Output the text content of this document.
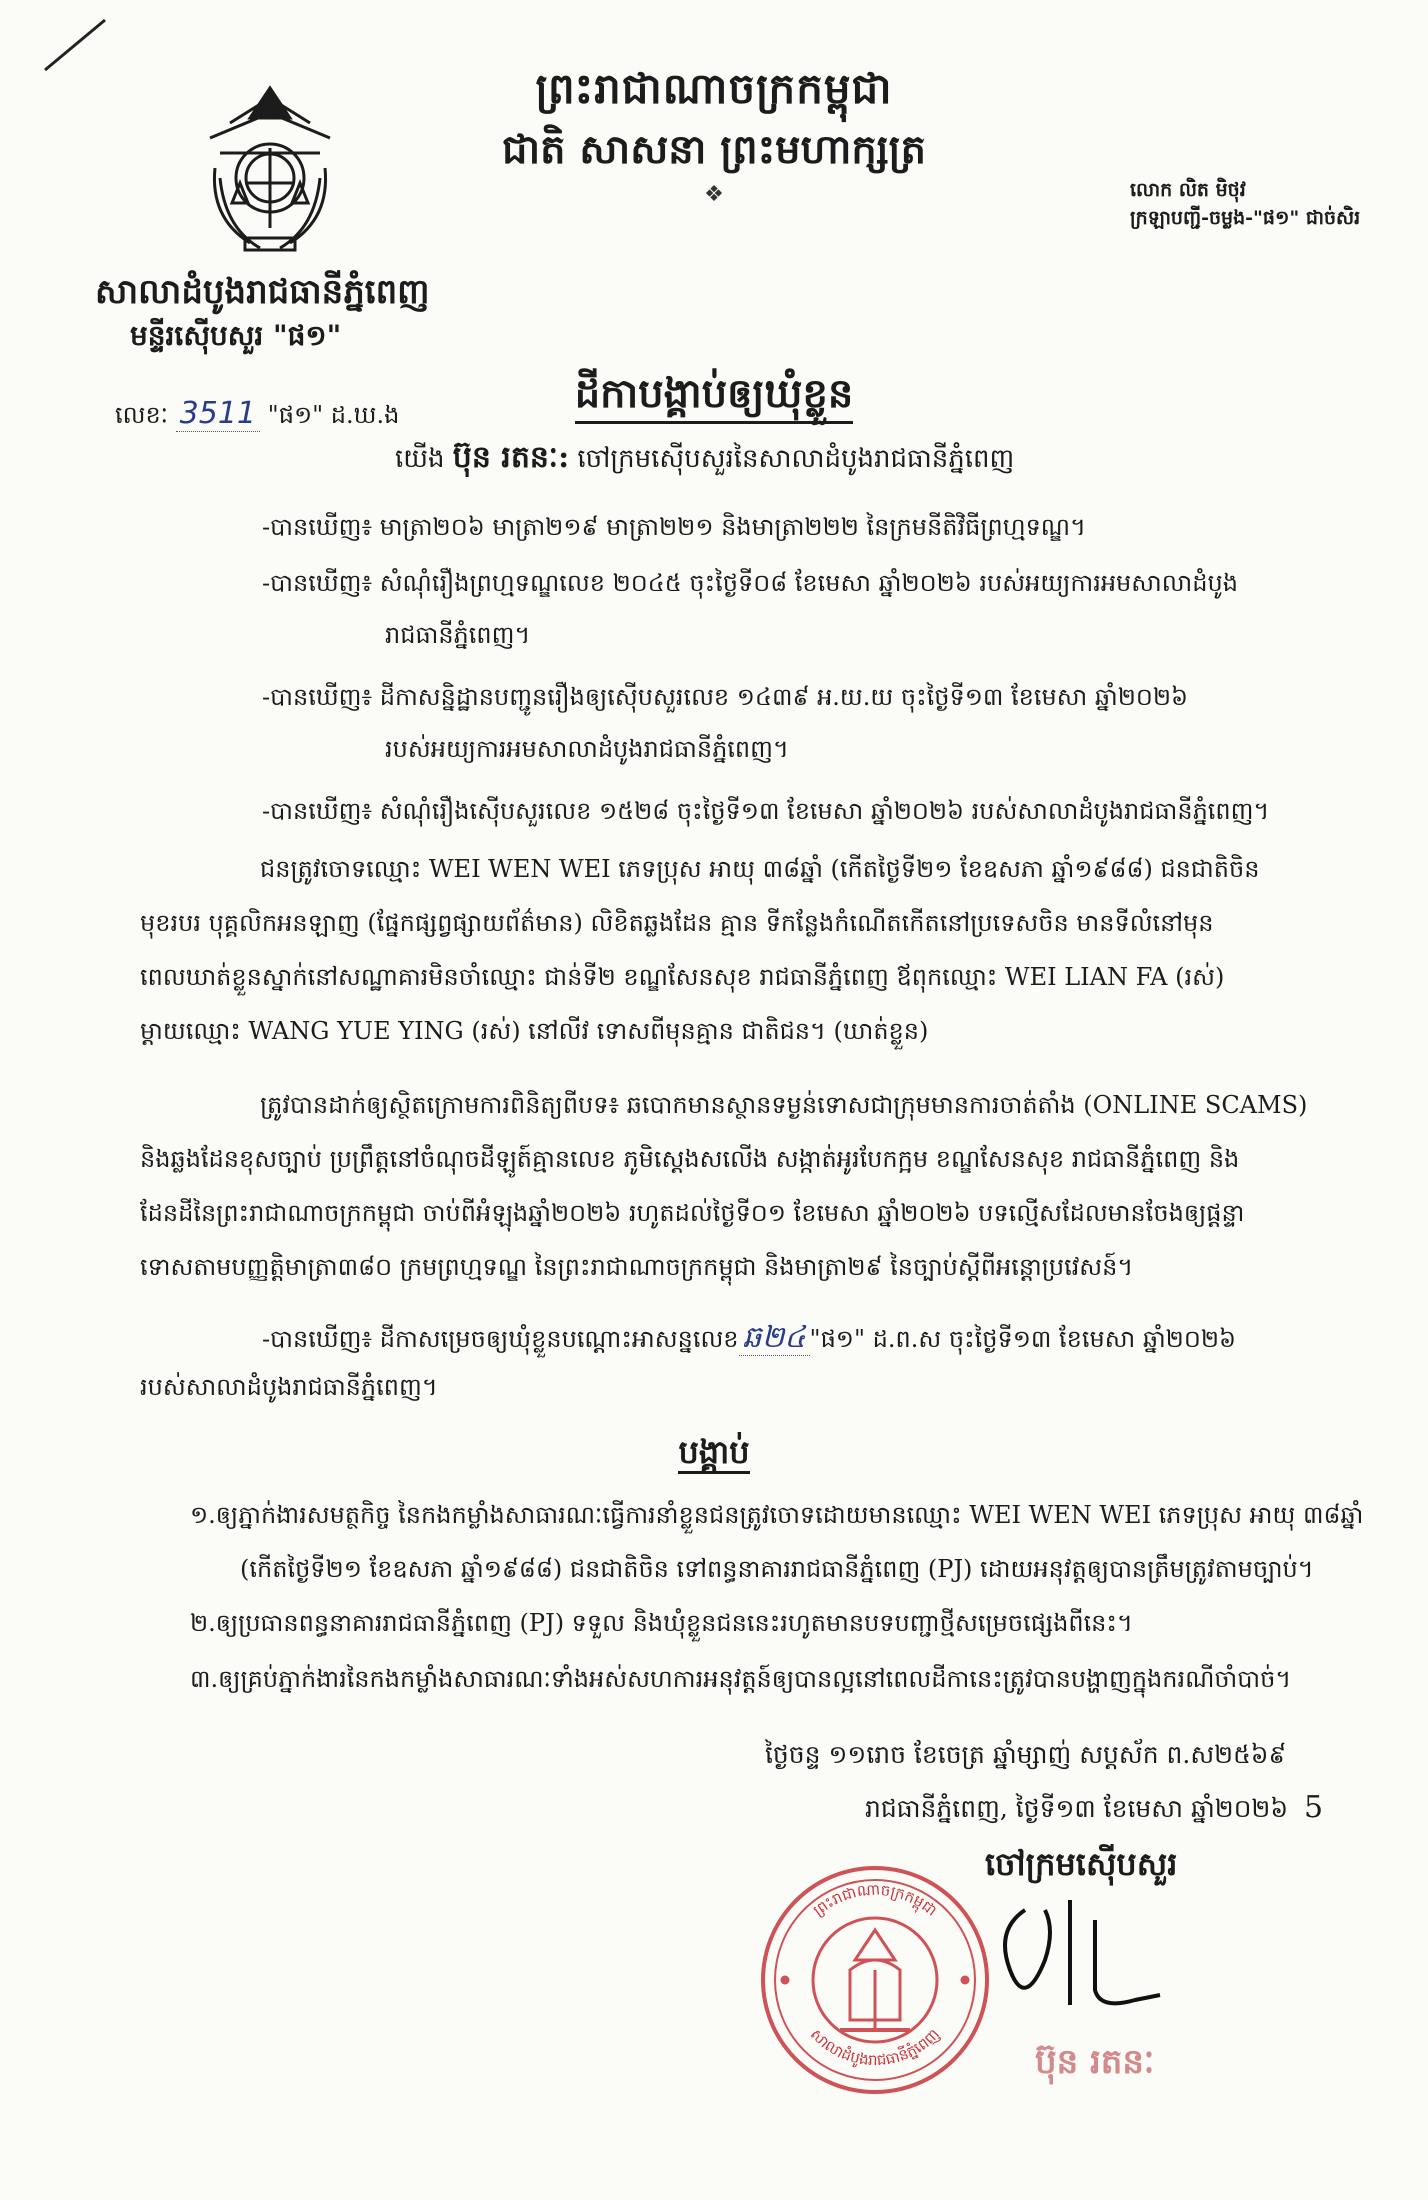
ព្រះរាជាណាចក្រកម្ពុជា
ជាតិ សាសនា ព្រះមហាក្សត្រ
❖	លោក លិត មិថុវ
ក្រឡាបញ្ជី-ចម្លង-"ផ១" ជាច់សិរ
សាលាដំបូងរាជធានីភ្នំពេញ
មន្ទីរស៊ើបសួរ "ផ១"
ដីកាបង្គាប់ឲ្យឃុំខ្លួន
លេខៈ 3511 "ផ១" ដ.ឃ.ង
យើង ប៊ុន រតនៈ: ចៅក្រមស៊ើបសួរនៃសាលាដំបូងរាជធានីភ្នំពេញ
-បានឃើញ៖ មាត្រា២០៦ មាត្រា២១៩ មាត្រា២២១ និងមាត្រា២២២ នៃក្រមនីតិវិធីព្រហ្មទណ្ឌ។
-បានឃើញ៖ សំណុំរឿងព្រហ្មទណ្ឌលេខ ២០៤៥ ចុះថ្ងៃទី០៨ ខែមេសា ឆ្នាំ២០២៦ របស់អយ្យការអមសាលាដំបូង
រាជធានីភ្នំពេញ។
-បានឃើញ៖ ដីកាសន្និដ្ឋានបញ្ជូនរឿងឲ្យស៊ើបសួរលេខ ១៤៣៩ អ.យ.យ ចុះថ្ងៃទី១៣ ខែមេសា ឆ្នាំ២០២៦
របស់អយ្យការអមសាលាដំបូងរាជធានីភ្នំពេញ។
-បានឃើញ៖ សំណុំរឿងស៊ើបសួរលេខ ១៥២៨ ចុះថ្ងៃទី១៣ ខែមេសា ឆ្នាំ២០២៦ របស់សាលាដំបូងរាជធានីភ្នំពេញ។
ជនត្រូវចោទឈ្មោះ WEI WEN WEI ភេទប្រុស អាយុ ៣៨ឆ្នាំ (កើតថ្ងៃទី២១ ខែឧសភា ឆ្នាំ១៩៨៨) ជនជាតិចិន
មុខរបរ បុគ្គលិកអនឡាញ (ផ្នែកផ្សព្វផ្សាយព័ត៌មាន) លិខិតឆ្លងដែន គ្មាន ទីកន្លែងកំណើតកើតនៅប្រទេសចិន មានទីលំនៅមុន
ពេលឃាត់ខ្លួនស្នាក់នៅសណ្ឋាគារមិនចាំឈ្មោះ ជាន់ទី២ ខណ្ឌសែនសុខ រាជធានីភ្នំពេញ ឪពុកឈ្មោះ WEI LIAN FA (រស់)
ម្ដាយឈ្មោះ WANG YUE YING (រស់) នៅលីវ ទោសពីមុនគ្មាន ជាតិជន។ (ឃាត់ខ្លួន)
ត្រូវបានដាក់ឲ្យស្ថិតក្រោមការពិនិត្យពីបទ៖ ឆបោកមានស្ថានទម្ងន់ទោសជាក្រុមមានការចាត់តាំង (ONLINE SCAMS)
និងឆ្លងដែនខុសច្បាប់ ប្រព្រឹត្តនៅចំណុចដីឡូត៍គ្មានលេខ ភូមិស្តេងសលើង សង្កាត់អូរបែកក្អម ខណ្ឌសែនសុខ រាជធានីភ្នំពេញ និង
ដែនដីនៃព្រះរាជាណាចក្រកម្ពុជា ចាប់ពីអំឡុងឆ្នាំ២០២៦ រហូតដល់ថ្ងៃទី០១ ខែមេសា ឆ្នាំ២០២៦ បទល្មើសដែលមានចែងឲ្យផ្តន្ទា
ទោសតាមបញ្ញត្តិមាត្រា៣៨០ ក្រមព្រហ្មទណ្ឌ នៃព្រះរាជាណាចក្រកម្ពុជា និងមាត្រា២៩ នៃច្បាប់ស្តីពីអន្តោប្រវេសន៍។
-បានឃើញ៖ ដីកាសម្រេចឲ្យឃុំខ្លួនបណ្តោះអាសន្នលេខ ឆ២៤ "ផ១" ដ.ព.ស ចុះថ្ងៃទី១៣ ខែមេសា ឆ្នាំ២០២៦
របស់សាលាដំបូងរាជធានីភ្នំពេញ។
បង្គាប់
១.ឲ្យភ្នាក់ងារសមត្ថកិច្ច នៃកងកម្លាំងសាធារណៈធ្វើការនាំខ្លួនជនត្រូវចោទដោយមានឈ្មោះ WEI WEN WEI ភេទប្រុស អាយុ ៣៨ឆ្នាំ
(កើតថ្ងៃទី២១ ខែឧសភា ឆ្នាំ១៩៨៨) ជនជាតិចិន ទៅពន្ធនាគាររាជធានីភ្នំពេញ (PJ) ដោយអនុវត្តឲ្យបានត្រឹមត្រូវតាមច្បាប់។
២.ឲ្យប្រធានពន្ធនាគាររាជធានីភ្នំពេញ (PJ) ទទួល និងឃុំខ្លួនជននេះរហូតមានបទបញ្ជាថ្មីសម្រេចផ្សេងពីនេះ។
៣.ឲ្យគ្រប់ភ្នាក់ងារនៃកងកម្លាំងសាធារណៈទាំងអស់សហការអនុវត្តន៍ឲ្យបានល្អនៅពេលដីកានេះត្រូវបានបង្ហាញក្នុងករណីចាំបាច់។
ថ្ងៃចន្ទ ១១រោច ខែចេត្រ ឆ្នាំម្សាញ់ សប្តស័ក ព.ស២៥៦៩
រាជធានីភ្នំពេញ, ថ្ងៃទី១៣ ខែមេសា ឆ្នាំ២០២៦ 5
ព្រះរាជាណាចក្រកម្ពុជា
សាលាដំបូងរាជធានីភ្នំពេញ
ចៅក្រមស៊ើបសួរ
ប៊ុន រតនៈ
